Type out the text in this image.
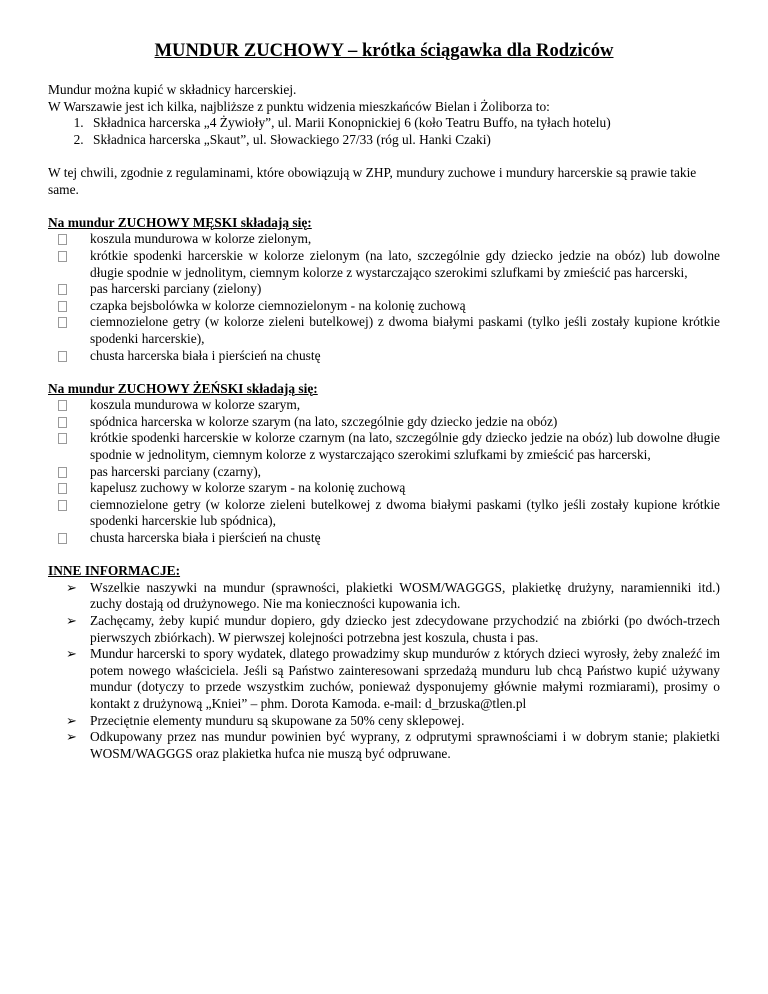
MUNDUR ZUCHOWY – krótka ściągawka dla Rodziców

Mundur można kupić w składnicy harcerskiej.

W Warszawie jest ich kilka, najbliższe z punktu widzenia mieszkańców Bielan i Żoliborza to:

1. Składnica harcerska „4 Żywioły”, ul. Marii Konopnickiej 6 (koło Teatru Buffo, na tyłach hotelu)
2. Składnica harcerska „Skaut”, ul. Słowackiego 27/33 (róg ul. Hanki Czaki)

W tej chwili, zgodnie z regulaminami, które obowiązują w ZHP, mundury zuchowe i mundury harcerskie są prawie takie same.

Na mundur ZUCHOWY MĘSKI składają się:

koszula mundurowa w kolorze zielonym,
krótkie spodenki harcerskie w kolorze zielonym (na lato, szczególnie gdy dziecko jedzie na obóz) lub dowolne długie spodnie w jednolitym, ciemnym kolorze z wystarczająco szerokimi szlufkami by zmieścić pas harcerski,
pas harcerski parciany (zielony)
czapka bejsbolówka w kolorze ciemnozielonym - na kolonię zuchową
ciemnozielone getry (w kolorze zieleni butelkowej) z dwoma białymi paskami (tylko jeśli zostały kupione krótkie spodenki harcerskie),
chusta harcerska biała i pierścień na chustę

Na mundur ZUCHOWY ŻEŃSKI składają się:

koszula mundurowa w kolorze szarym,
spódnica harcerska w kolorze szarym (na lato, szczególnie gdy dziecko jedzie na obóz)
krótkie spodenki harcerskie w kolorze czarnym (na lato, szczególnie gdy dziecko jedzie na obóz) lub dowolne długie spodnie w jednolitym, ciemnym kolorze z wystarczająco szerokimi szlufkami by zmieścić pas harcerski,
pas harcerski parciany (czarny),
kapelusz zuchowy w kolorze szarym - na kolonię zuchową
ciemnozielone getry (w kolorze zieleni butelkowej z dwoma białymi paskami (tylko jeśli zostały kupione krótkie spodenki harcerskie lub spódnica),
chusta harcerska biała i pierścień na chustę

INNE INFORMACJE:

➢ Wszelkie naszywki na mundur (sprawności, plakietki WOSM/WAGGGS, plakietkę drużyny, naramienniki itd.) zuchy dostają od drużynowego. Nie ma konieczności kupowania ich.
➢ Zachęcamy, żeby kupić mundur dopiero, gdy dziecko jest zdecydowane przychodzić na zbiórki (po dwóch-trzech pierwszych zbiórkach). W pierwszej kolejności potrzebna jest koszula, chusta i pas.
➢ Mundur harcerski to spory wydatek, dlatego prowadzimy skup mundurów z których dzieci wyrosły, żeby znaleźć im potem nowego właściciela. Jeśli są Państwo zainteresowani sprzedażą munduru lub chcą Państwo kupić używany mundur (dotyczy to przede wszystkim zuchów, ponieważ dysponujemy głównie małymi rozmiarami), prosimy o kontakt z drużynową „Kniei” – phm. Dorota Kamoda. e-mail: d_brzuska@tlen.pl
➢ Przeciętnie elementy munduru są skupowane za 50% ceny sklepowej.
➢ Odkupowany przez nas mundur powinien być wyprany, z odprutymi sprawnościami i w dobrym stanie; plakietki WOSM/WAGGGS oraz plakietka hufca nie muszą być odpruwane.
